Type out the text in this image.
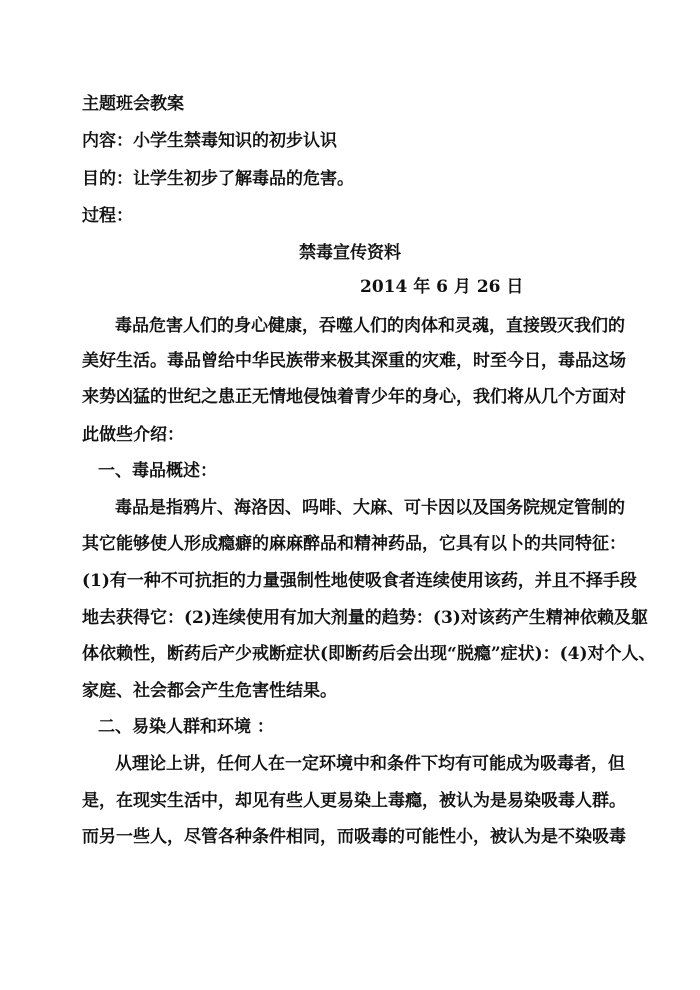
主题班会教案
内容：小学生禁毒知识的初步认识
目的：让学生初步了解毒品的危害。
过程：
禁毒宣传资料
2014 年 6 月 26 日
毒品危害人们的身心健康，吞噬人们的肉体和灵魂，直接毁灭我们的
美好生活。毒品曾给中华民族带来极其深重的灾难，时至今日，毒品这场
来势凶猛的世纪之患正无情地侵蚀着青少年的身心，我们将从几个方面对
此做些介绍：
一、毒品概述：
毒品是指鸦片、海洛因、吗啡、大麻、可卡因以及国务院规定管制的
其它能够使人形成瘾癖的麻麻醉品和精神药品，它具有以卜的共同特征：
(1)有一种不可抗拒的力量强制性地使吸食者连续使用该药，并且不择手段
地去获得它：(2)连续使用有加大剂量的趋势：(3)对该药产生精神依赖及躯
体依赖性，断药后产少戒断症状(即断药后会出现“脱瘾”症状)：(4)对个人、
家庭、社会都会产生危害性结果。
二、易染人群和环境 ：
从理论上讲，任何人在一定环境中和条件下均有可能成为吸毒者，但
是，在现实生活中，却见有些人更易染上毒瘾，被认为是易染吸毒人群。
而另一些人，尽管各种条件相同，而吸毒的可能性小，被认为是不染吸毒
